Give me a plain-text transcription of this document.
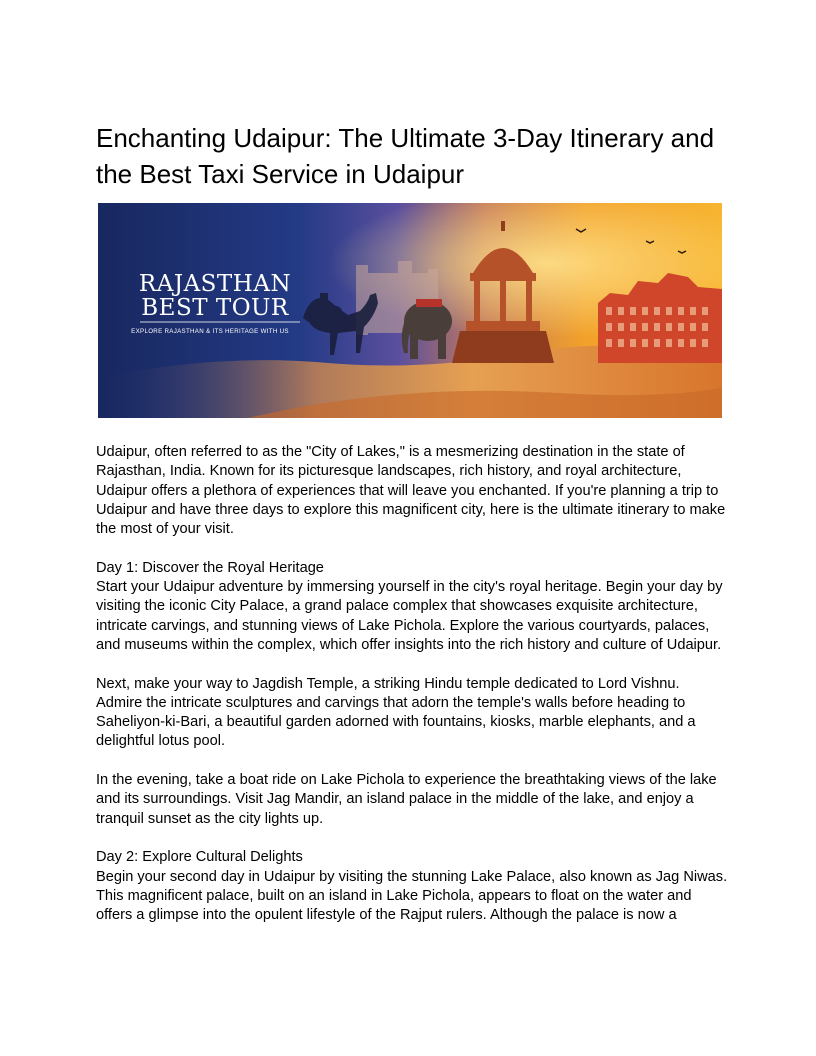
Enchanting Udaipur: The Ultimate 3-Day Itinerary and the Best Taxi Service in Udaipur
RAJASTHAN
BEST TOUR
EXPLORE RAJASTHAN & ITS HERITAGE WITH US

Udaipur, often referred to as the "City of Lakes," is a mesmerizing destination in the state of Rajasthan, India. Known for its picturesque landscapes, rich history, and royal architecture, Udaipur offers a plethora of experiences that will leave you enchanted. If you're planning a trip to Udaipur and have three days to explore this magnificent city, here is the ultimate itinerary to make the most of your visit.

Day 1: Discover the Royal Heritage
Start your Udaipur adventure by immersing yourself in the city's royal heritage. Begin your day by visiting the iconic City Palace, a grand palace complex that showcases exquisite architecture, intricate carvings, and stunning views of Lake Pichola. Explore the various courtyards, palaces, and museums within the complex, which offer insights into the rich history and culture of Udaipur.

Next, make your way to Jagdish Temple, a striking Hindu temple dedicated to Lord Vishnu. Admire the intricate sculptures and carvings that adorn the temple's walls before heading to Saheliyon-ki-Bari, a beautiful garden adorned with fountains, kiosks, marble elephants, and a delightful lotus pool.

In the evening, take a boat ride on Lake Pichola to experience the breathtaking views of the lake and its surroundings. Visit Jag Mandir, an island palace in the middle of the lake, and enjoy a tranquil sunset as the city lights up.

Day 2: Explore Cultural Delights
Begin your second day in Udaipur by visiting the stunning Lake Palace, also known as Jag Niwas. This magnificent palace, built on an island in Lake Pichola, appears to float on the water and offers a glimpse into the opulent lifestyle of the Rajput rulers. Although the palace is now a
